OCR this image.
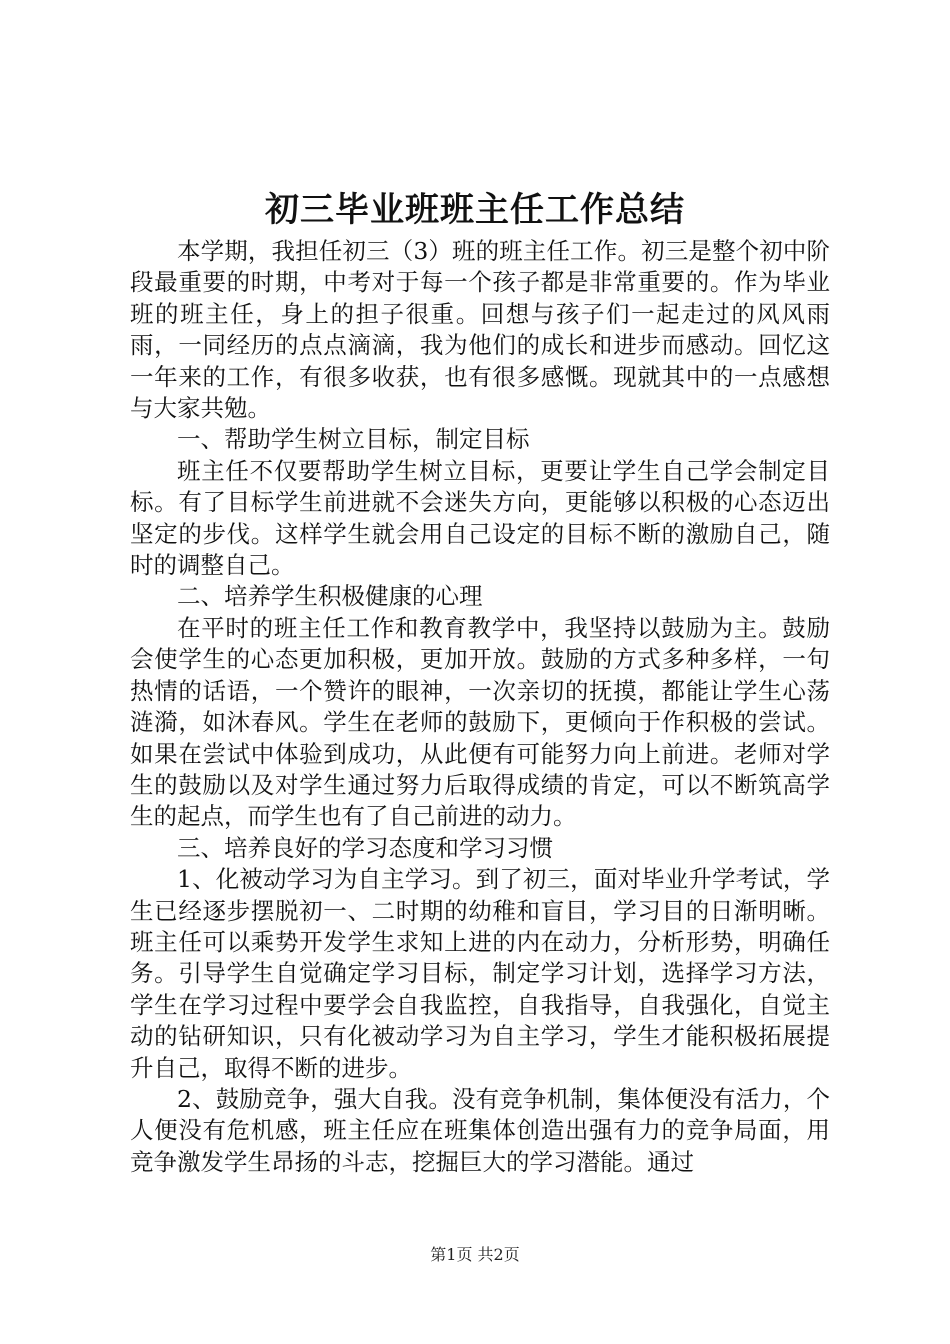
初三毕业班班主任工作总结

本学期，我担任初三（3）班的班主任工作。初三是整个初中阶段最重要的时期，中考对于每一个孩子都是非常重要的。作为毕业班的班主任，身上的担子很重。回想与孩子们一起走过的风风雨雨，一同经历的点点滴滴，我为他们的成长和进步而感动。回忆这一年来的工作，有很多收获，也有很多感慨。现就其中的一点感想与大家共勉。

一、帮助学生树立目标，制定目标

班主任不仅要帮助学生树立目标，更要让学生自己学会制定目标。有了目标学生前进就不会迷失方向，更能够以积极的心态迈出坚定的步伐。这样学生就会用自己设定的目标不断的激励自己，随时的调整自己。

二、培养学生积极健康的心理

在平时的班主任工作和教育教学中，我坚持以鼓励为主。鼓励会使学生的心态更加积极，更加开放。鼓励的方式多种多样，一句热情的话语，一个赞许的眼神，一次亲切的抚摸，都能让学生心荡涟漪，如沐春风。学生在老师的鼓励下，更倾向于作积极的尝试。如果在尝试中体验到成功，从此便有可能努力向上前进。老师对学生的鼓励以及对学生通过努力后取得成绩的肯定，可以不断筑高学生的起点，而学生也有了自己前进的动力。

三、培养良好的学习态度和学习习惯

1、化被动学习为自主学习。到了初三，面对毕业升学考试，学生已经逐步摆脱初一、二时期的幼稚和盲目，学习目的日渐明晰。班主任可以乘势开发学生求知上进的内在动力，分析形势，明确任务。引导学生自觉确定学习目标，制定学习计划，选择学习方法，学生在学习过程中要学会自我监控，自我指导，自我强化，自觉主动的钻研知识，只有化被动学习为自主学习，学生才能积极拓展提升自己，取得不断的进步。

2、鼓励竞争，强大自我。没有竞争机制，集体便没有活力，个人便没有危机感，班主任应在班集体创造出强有力的竞争局面，用竞争激发学生昂扬的斗志，挖掘巨大的学习潜能。通过

第1页 共2页
